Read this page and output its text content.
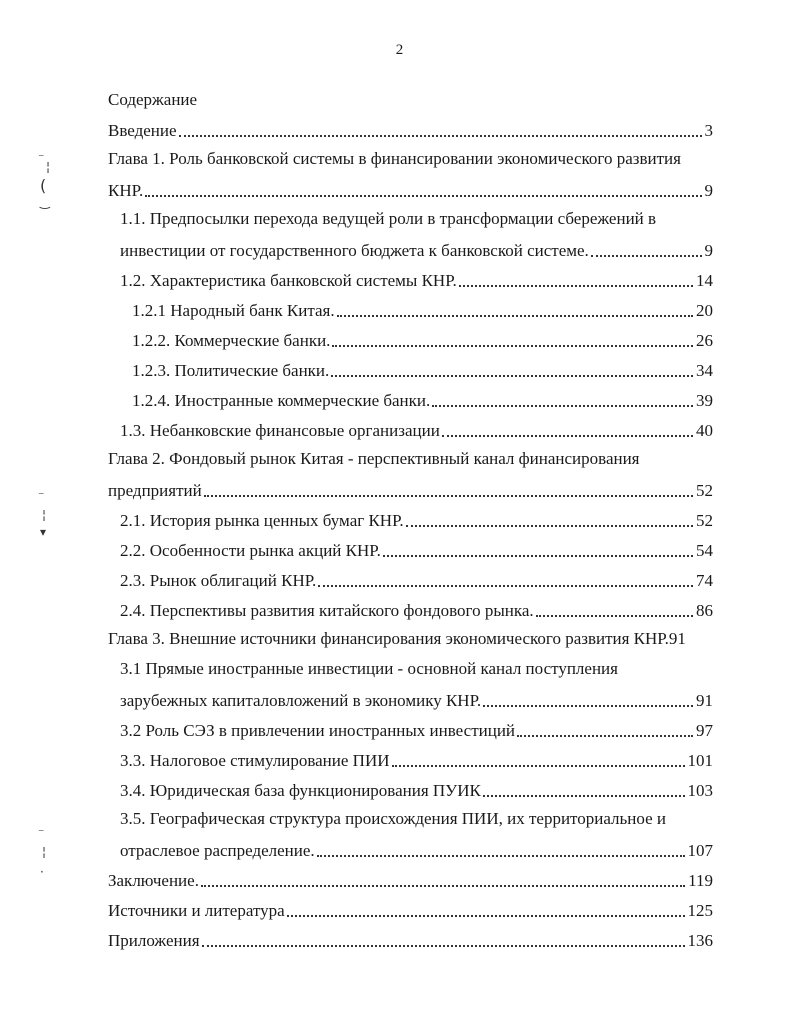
2
Содержание
Введение	3
Глава 1. Роль банковской системы в финансировании экономического развития
КНР.	9
1.1. Предпосылки перехода ведущей роли в трансформации сбережений в
инвестиции от государственного бюджета к банковской системе.	9
1.2. Характеристика банковской системы КНР.	14
1.2.1 Народный банк Китая.	20
1.2.2. Коммерческие банки.	26
1.2.3. Политические банки.	34
1.2.4. Иностранные коммерческие банки.	39
1.3. Небанковские финансовые организации	40
Глава 2. Фондовый рынок Китая - перспективный канал финансирования
предприятий	52
2.1. История рынка ценных бумаг КНР.	52
2.2. Особенности рынка акций КНР.	54
2.3. Рынок облигаций КНР.	74
2.4. Перспективы развития китайского фондового рынка.	86
Глава 3. Внешние источники финансирования экономического развития КНР.91
3.1 Прямые иностранные инвестиции - основной канал поступления
зарубежных капиталовложений в экономику КНР.	91
3.2 Роль СЭЗ в привлечении иностранных инвестиций	97
3.3. Налоговое стимулирование ПИИ	101
3.4. Юридическая база функционирования ПУИК	103
3.5. Географическая структура происхождения ПИИ, их территориальное и
отраслевое распределение.	107
Заключение.	119
Источники и литература	125
Приложения	136
⁻
¦
(
‿
⁻
¦
▾
⁻
¦
·
